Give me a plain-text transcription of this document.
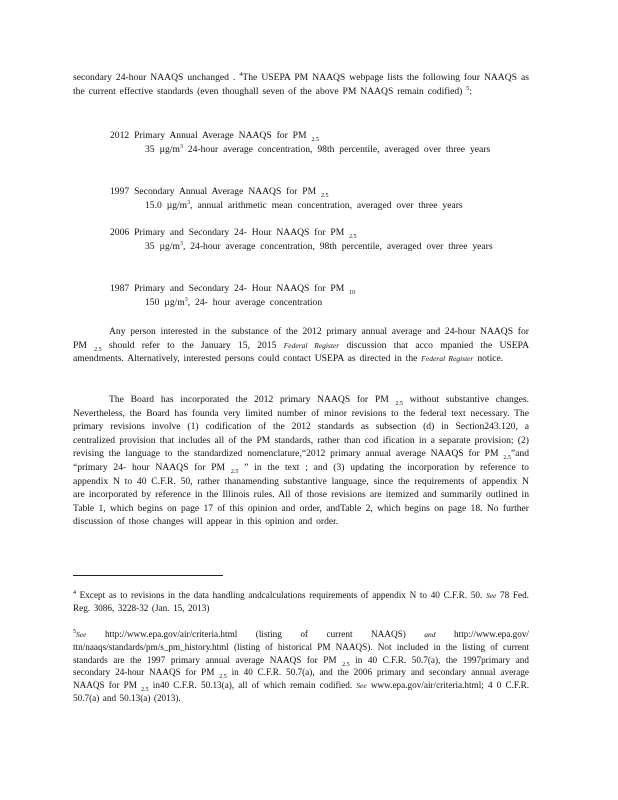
secondary 24-hour NAAQS unchanged . $^4$The USEPA PM NAAQS webpage lists the following four NAAQS as the current effective standards (even thoughall seven of the above PM NAAQS remain codified) $^5$:
2012 Primary Annual Average NAAQS for PM $_{2.5}$
35 $\mu g/m^3$ 24-hour average concentration, 98th percentile, averaged over three years
1997 Secondary Annual Average NAAQS for PM $_{2.5}$
15.0 $\mu g/m^3$, annual arithmetic mean concentration, averaged over three years
2006 Primary and Secondary 24- Hour NAAQS for PM $_{2.5}$
35 $\mu g/m^3$, 24-hour average concentration, 98th percentile, averaged over three years
1987 Primary and Secondary 24- Hour NAAQS for PM $_{10}$
150 $\mu g/m^3$, 24- hour average concentration
Any person interested in the substance of the 2012 primary annual average and 24-hour NAAQS for PM $_{2.5}$ should refer to the January 15, 2015 Federal Register discussion that acco mpanied the USEPA amendments. Alternatively, interested persons could contact USEPA as directed in the Federal Register notice.
The Board has incorporated the 2012 primary NAAQS for PM $_{2.5}$ without substantive changes. Nevertheless, the Board has founda very limited number of minor revisions to the federal text necessary. The primary revisions involve (1) codification of the 2012 standards as subsection (d) in Section243.120, a centralized provision that includes all of the PM standards, rather than cod ification in a separate provision; (2) revising the language to the standardized nomenclature,“2012 primary annual average NAAQS for PM $_{2.5}$”and “primary 24- hour NAAQS for PM $_{2.5}$ ” in the text ; and (3) updating the incorporation by reference to appendix N to 40 C.F.R. 50, rather thanamending substantive language, since the requirements of appendix N are incorporated by reference in the Illinois rules. All of those revisions are itemized and summarily outlined in Table 1, which begins on page 17 of this opinion and order, andTable 2, which begins on page 18. No further discussion of those changes will appear in this opinion and order.
$^4$ Except as to revisions in the data handling andcalculations requirements of appendix N to 40 C.F.R. 50. See 78 Fed. Reg. 3086, 3228-32 (Jan. 15, 2013)
$^5$See http://www.epa.gov/air/criteria.html (listing of current NAAQS) and http://www.epa.gov/ ttn/naaqs/standards/pm/s_pm_history.html (listing of historical PM NAAQS). Not included in the listing of current standards are the 1997 primary annual average NAAQS for PM $_{2.5}$ in 40 C.F.R. 50.7(a), the 1997primary and secondary 24-hour NAAQS for PM $_{2.5}$ in 40 C.F.R. 50.7(a), and the 2006 primary and secondary annual average NAAQS for PM $_{2.5}$ in40 C.F.R. 50.13(a), all of which remain codified. See www.epa.gov/air/criteria.html; 4 0 C.F.R. 50.7(a) and 50.13(a) (2013).
